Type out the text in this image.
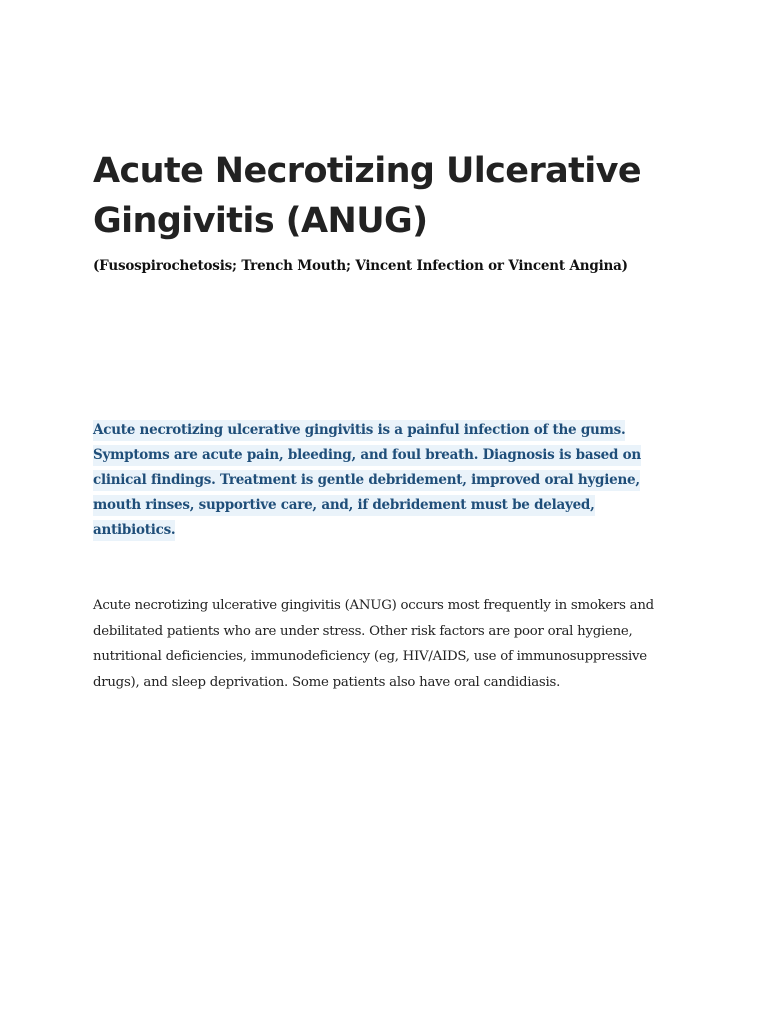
Acute Necrotizing Ulcerative Gingivitis (ANUG)

(Fusospirochetosis; Trench Mouth; Vincent Infection or Vincent Angina)

Acute necrotizing ulcerative gingivitis is a painful infection of the gums. Symptoms are acute pain, bleeding, and foul breath. Diagnosis is based on clinical findings. Treatment is gentle debridement, improved oral hygiene, mouth rinses, supportive care, and, if debridement must be delayed, antibiotics.

Acute necrotizing ulcerative gingivitis (ANUG) occurs most frequently in smokers and debilitated patients who are under stress. Other risk factors are poor oral hygiene, nutritional deficiencies, immunodeficiency (eg, HIV/AIDS, use of immunosuppressive drugs), and sleep deprivation. Some patients also have oral candidiasis.
